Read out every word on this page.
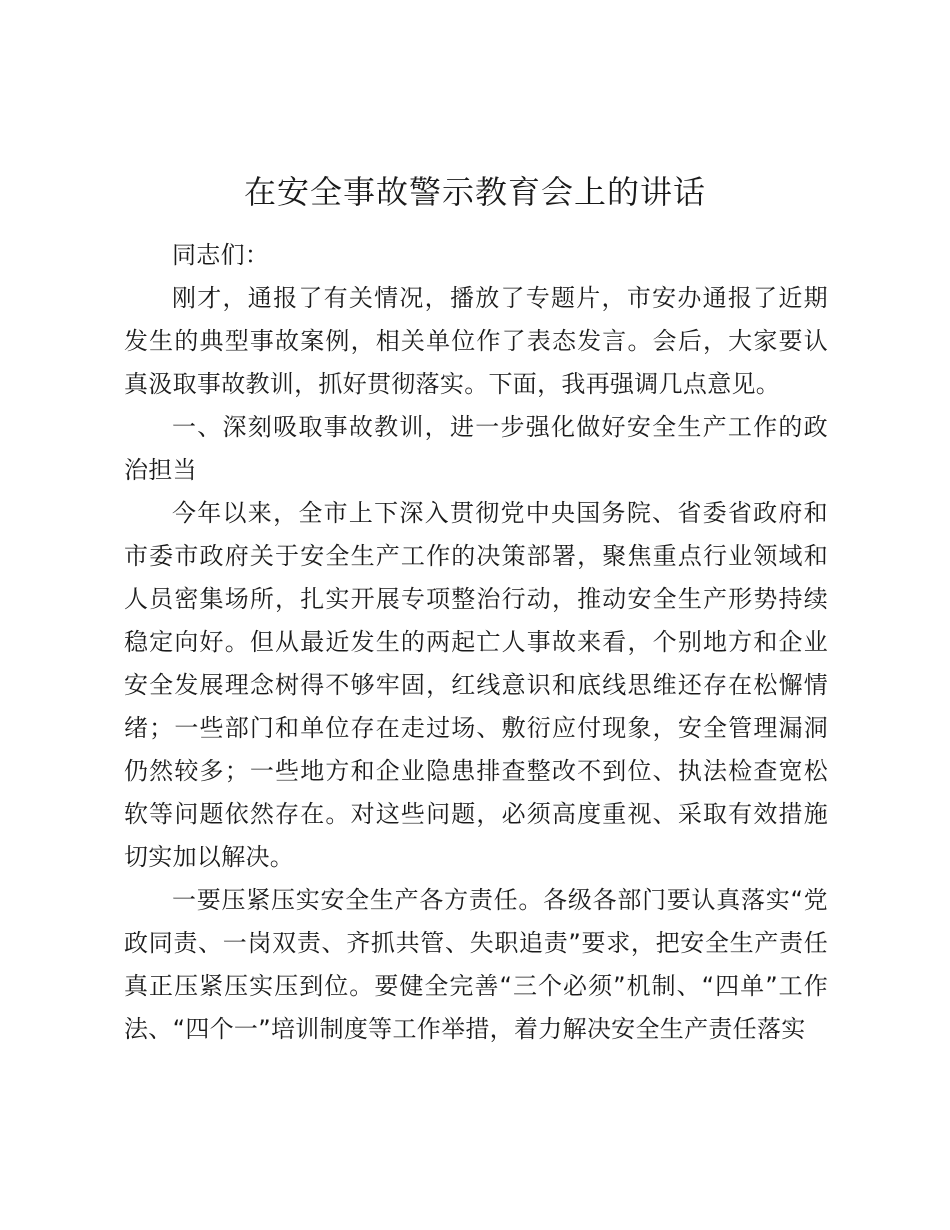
在安全事故警示教育会上的讲话

同志们：

刚才，通报了有关情况，播放了专题片，市安办通报了近期发生的典型事故案例，相关单位作了表态发言。会后，大家要认真汲取事故教训，抓好贯彻落实。下面，我再强调几点意见。

一、深刻吸取事故教训，进一步强化做好安全生产工作的政治担当

今年以来，全市上下深入贯彻党中央国务院、省委省政府和市委市政府关于安全生产工作的决策部署，聚焦重点行业领域和人员密集场所，扎实开展专项整治行动，推动安全生产形势持续稳定向好。但从最近发生的两起亡人事故来看，个别地方和企业安全发展理念树得不够牢固，红线意识和底线思维还存在松懈情绪；一些部门和单位存在走过场、敷衍应付现象，安全管理漏洞仍然较多；一些地方和企业隐患排查整改不到位、执法检查宽松软等问题依然存在。对这些问题，必须高度重视、采取有效措施切实加以解决。

一要压紧压实安全生产各方责任。各级各部门要认真落实“党政同责、一岗双责、齐抓共管、失职追责”要求，把安全生产责任真正压紧压实压到位。要健全完善“三个必须”机制、“四单”工作法、“四个一”培训制度等工作举措，着力解决安全生产责任落实
